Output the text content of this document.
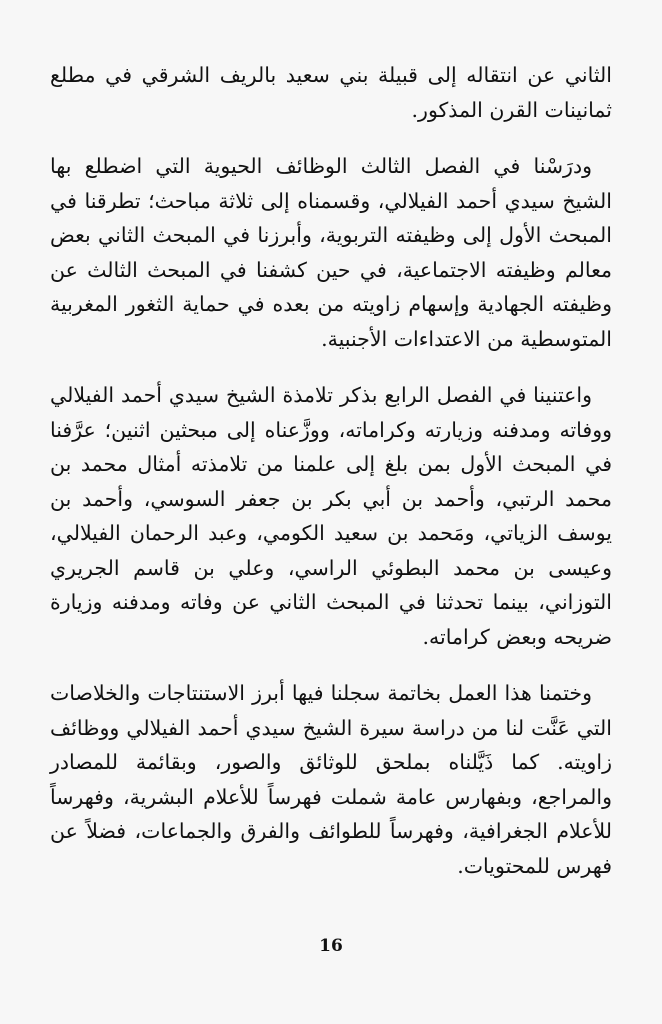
الثاني عن انتقاله إلى قبيلة بني سعيد بالريف الشرقي في مطلع ثمانينات القرن المذكور.

ودرَسْنا في الفصل الثالث الوظائف الحيوية التي اضطلع بها الشيخ سيدي أحمد الفيلالي، وقسمناه إلى ثلاثة مباحث؛ تطرقنا في المبحث الأول إلى وظيفته التربوية، وأبرزنا في المبحث الثاني بعض معالم وظيفته الاجتماعية، في حين كشفنا في المبحث الثالث عن وظيفته الجهادية وإسهام زاويته من بعده في حماية الثغور المغربية المتوسطية من الاعتداءات الأجنبية.

واعتنينا في الفصل الرابع بذكر تلامذة الشيخ سيدي أحمد الفيلالي ووفاته ومدفنه وزيارته وكراماته، ووزَّعناه إلى مبحثين اثنين؛ عرَّفنا في المبحث الأول بمن بلغ إلى علمنا من تلامذته أمثال محمد بن محمد الرتبي، وأحمد بن أبي بكر بن جعفر السوسي، وأحمد بن يوسف الزياتي، ومَحمد بن سعيد الكومي، وعبد الرحمان الفيلالي، وعيسى بن محمد البطوئي الراسي، وعلي بن قاسم الجريري التوزاني، بينما تحدثنا في المبحث الثاني عن وفاته ومدفنه وزيارة ضريحه وبعض كراماته.

وختمنا هذا العمل بخاتمة سجلنا فيها أبرز الاستنتاجات والخلاصات التي عَنَّت لنا من دراسة سيرة الشيخ سيدي أحمد الفيلالي ووظائف زاويته. كما ذَيَّلناه بملحق للوثائق والصور، وبقائمة للمصادر والمراجع، وبفهارس عامة شملت فهرساً للأعلام البشرية، وفهرساً للأعلام الجغرافية، وفهرساً للطوائف والفرق والجماعات، فضلاً عن فهرس للمحتويات.

16
